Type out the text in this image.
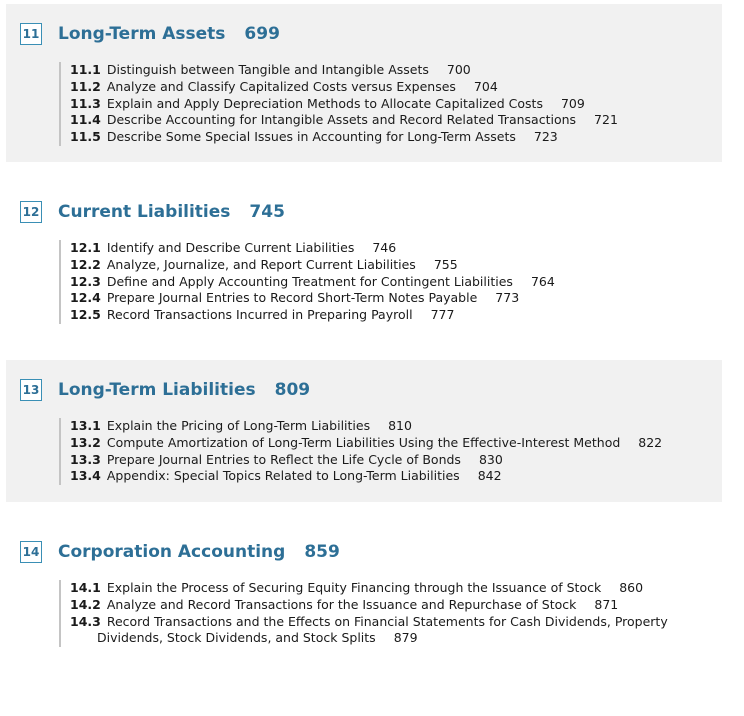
11 Long-Term Assets 699
11.1 Distinguish between Tangible and Intangible Assets 700
11.2 Analyze and Classify Capitalized Costs versus Expenses 704
11.3 Explain and Apply Depreciation Methods to Allocate Capitalized Costs 709
11.4 Describe Accounting for Intangible Assets and Record Related Transactions 721
11.5 Describe Some Special Issues in Accounting for Long-Term Assets 723
12 Current Liabilities 745
12.1 Identify and Describe Current Liabilities 746
12.2 Analyze, Journalize, and Report Current Liabilities 755
12.3 Define and Apply Accounting Treatment for Contingent Liabilities 764
12.4 Prepare Journal Entries to Record Short-Term Notes Payable 773
12.5 Record Transactions Incurred in Preparing Payroll 777
13 Long-Term Liabilities 809
13.1 Explain the Pricing of Long-Term Liabilities 810
13.2 Compute Amortization of Long-Term Liabilities Using the Effective-Interest Method 822
13.3 Prepare Journal Entries to Reflect the Life Cycle of Bonds 830
13.4 Appendix: Special Topics Related to Long-Term Liabilities 842
14 Corporation Accounting 859
14.1 Explain the Process of Securing Equity Financing through the Issuance of Stock 860
14.2 Analyze and Record Transactions for the Issuance and Repurchase of Stock 871
14.3 Record Transactions and the Effects on Financial Statements for Cash Dividends, Property Dividends, Stock Dividends, and Stock Splits 879
